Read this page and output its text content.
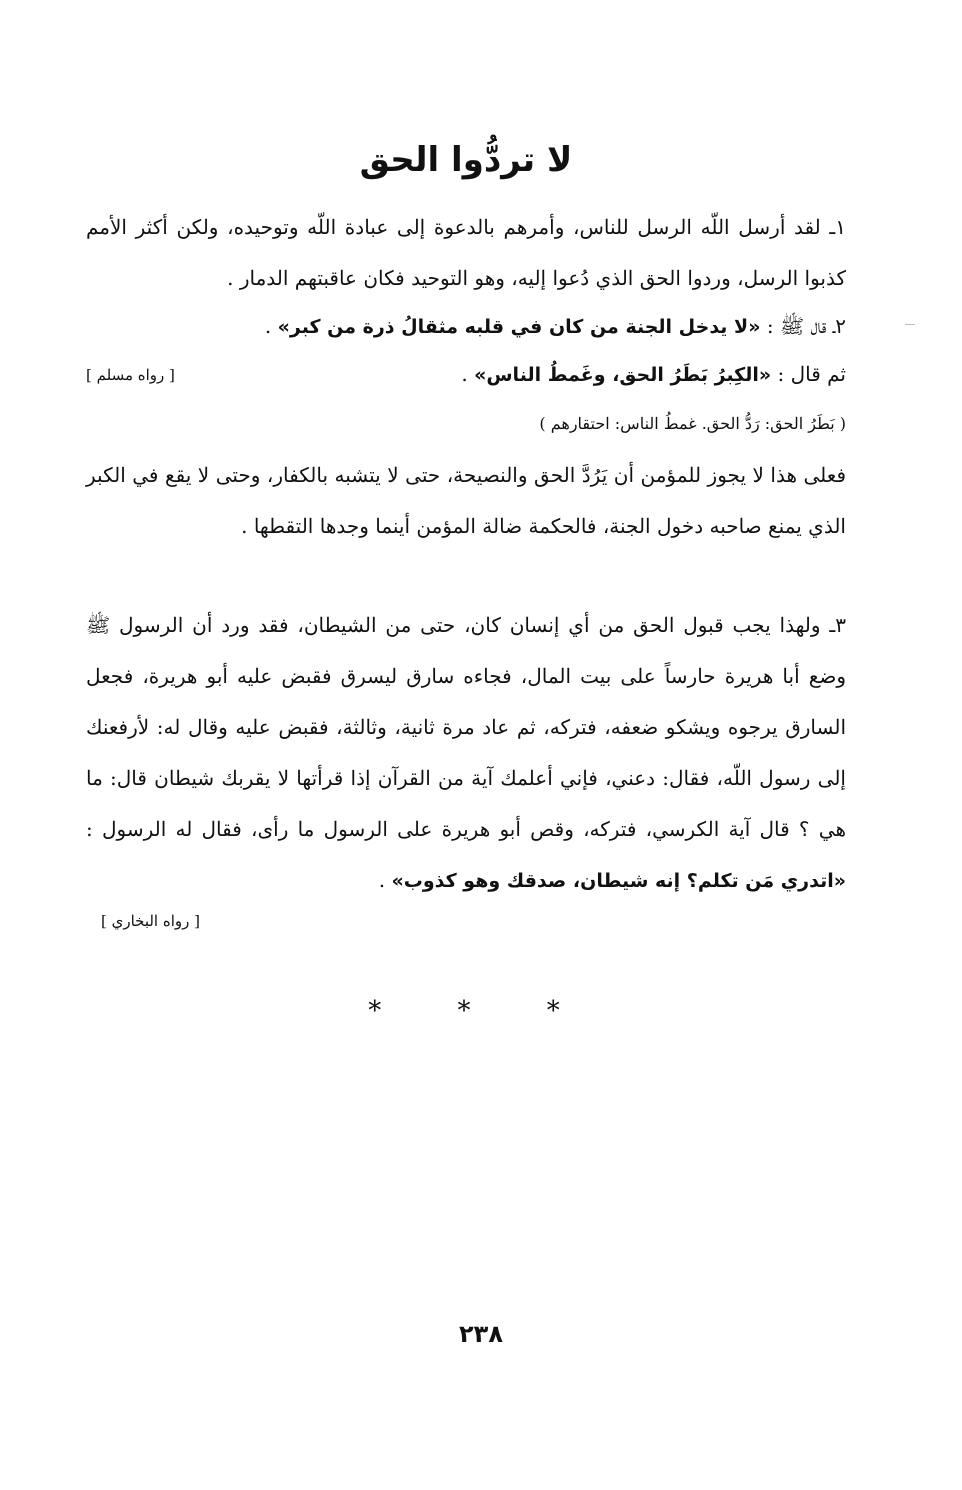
لا تردُّوا الحق
١ـ لقد أرسل اللّه الرسل للناس، وأمرهم بالدعوة إلى عبادة اللّه وتوحيده، ولكن أكثر الأمم كذبوا الرسل، وردوا الحق الذي دُعوا إليه، وهو التوحيد فكان عاقبتهم الدمار .
٢ـ قال ﷺ : «لا يدخل الجنة من كان في قلبه مثقالُ ذرة من كبر» .
ثم قال : «الكِبرُ بَطَرُ الحق، وغَمطُ الناس» .
[ رواه مسلم ]
( بَطَرُ الحق: رَدُّ الحق. غمطُ الناس: احتقارهم )
فعلى هذا لا يجوز للمؤمن أن يَرُدَّ الحق والنصيحة، حتى لا يتشبه بالكفار، وحتى لا يقع في الكبر الذي يمنع صاحبه دخول الجنة، فالحكمة ضالة المؤمن أينما وجدها التقطها .
٣ـ ولهذا يجب قبول الحق من أي إنسان كان، حتى من الشيطان، فقد ورد أن الرسول ﷺ وضع أبا هريرة حارساً على بيت المال، فجاءه سارق ليسرق فقبض عليه أبو هريرة، فجعل السارق يرجوه ويشكو ضعفه، فتركه، ثم عاد مرة ثانية، وثالثة، فقبض عليه وقال له: لأرفعنك إلى رسول اللّه، فقال: دعني، فإني أعلمك آية من القرآن إذا قرأتها لا يقربك شيطان قال: ما هي ؟ قال آية الكرسي، فتركه، وقص أبو هريرة على الرسول ما رأى، فقال له الرسول : «اتدري مَن تكلم؟ إنه شيطان، صدقك وهو كذوب» .
[ رواه البخاري ]
* * *
٢٣٨
